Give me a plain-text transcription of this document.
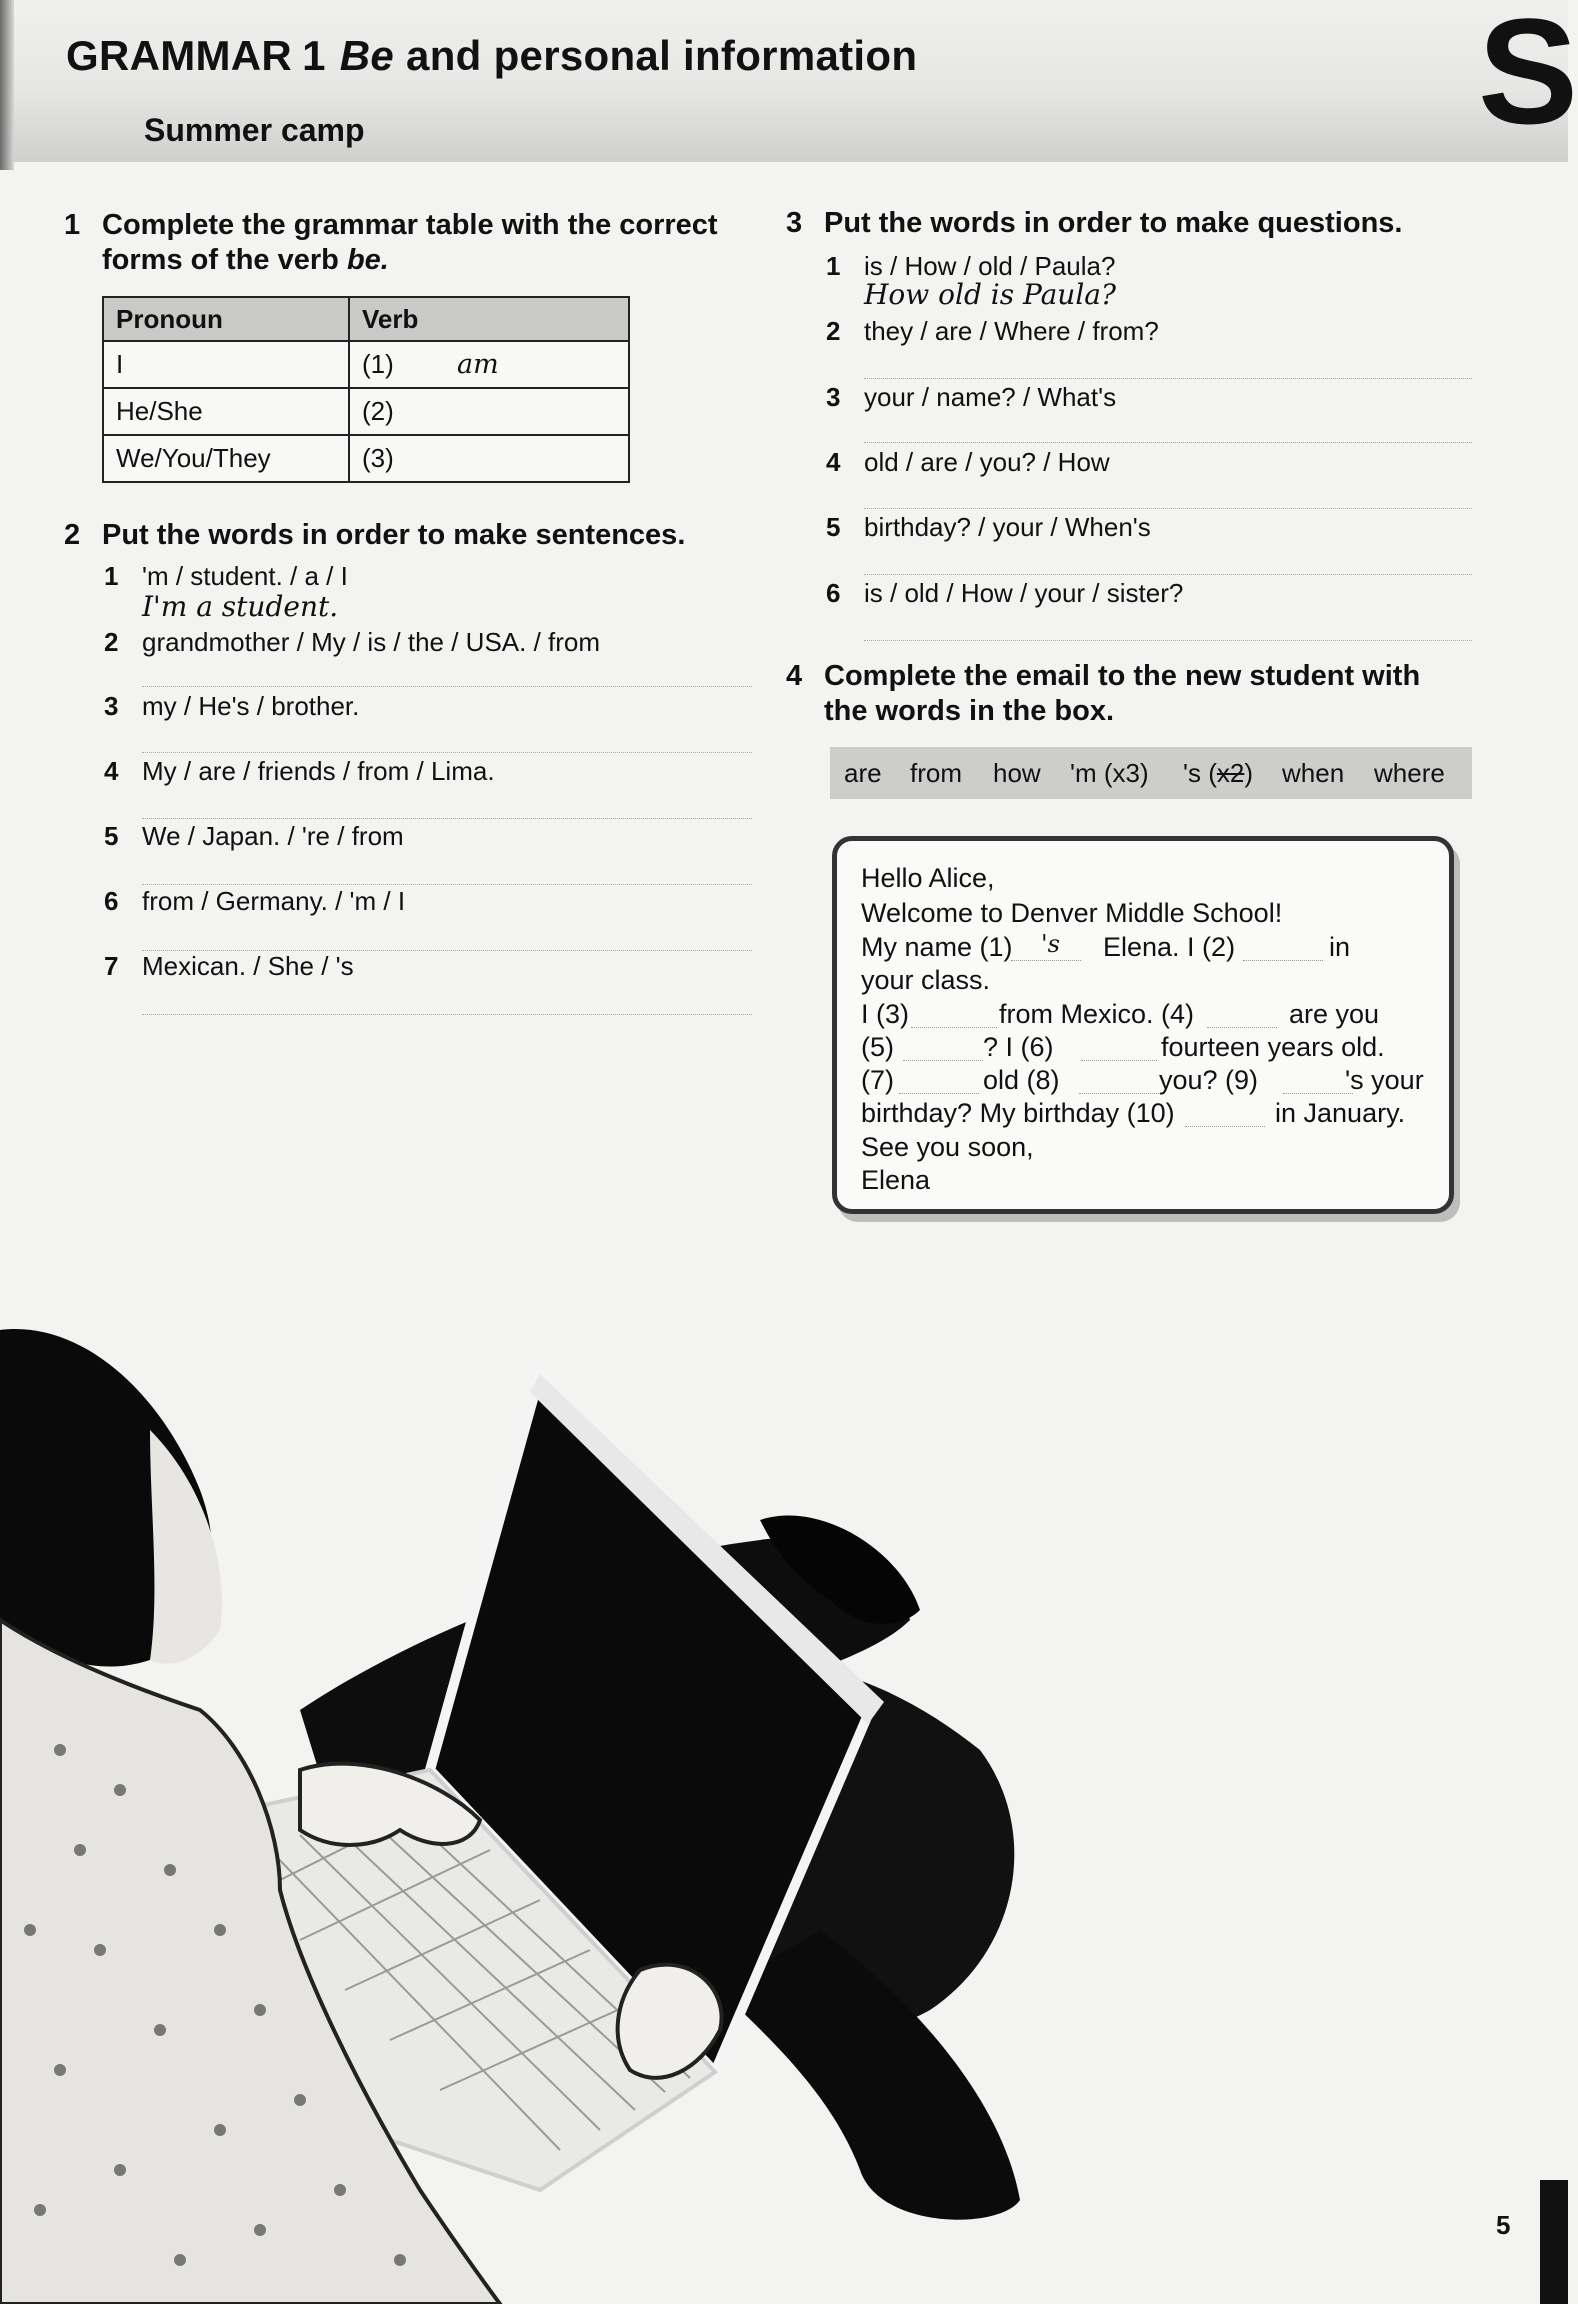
GRAMMAR 1 Be and personal information
Summer camp	S
1 Complete the grammar table with the correct
forms of the verb be.
Pronoun	Verb
I	(1) am
He/She	(2)
We/You/They	(3)
2 Put the words in order to make sentences.
1 'm / student. / a / I
I'm a student.
2 grandmother / My / is / the / USA. / from
3 my / He's / brother.
4 My / are / friends / from / Lima.
5 We / Japan. / 're / from
6 from / Germany. / 'm / I
7 Mexican. / She / 's
3 Put the words in order to make questions.
1 is / How / old / Paula?
How old is Paula?
2 they / are / Where / from?
3 your / name? / What's
4 old / are / you? / How
5 birthday? / your / When's
6 is / old / How / your / sister?
4 Complete the email to the new student with
the words in the box.
are from how 'm (x3) 's (x2) when where
Hello Alice,
Welcome to Denver Middle School!
My name (1) 's Elena. I (2)	in
your class.
I (3)	from Mexico. (4)	are you
(5)	? I (6)	fourteen years old.
(7)	old (8)	you? (9)	's your
birthday? My birthday (10)	in January.
See you soon,
Elena
5
